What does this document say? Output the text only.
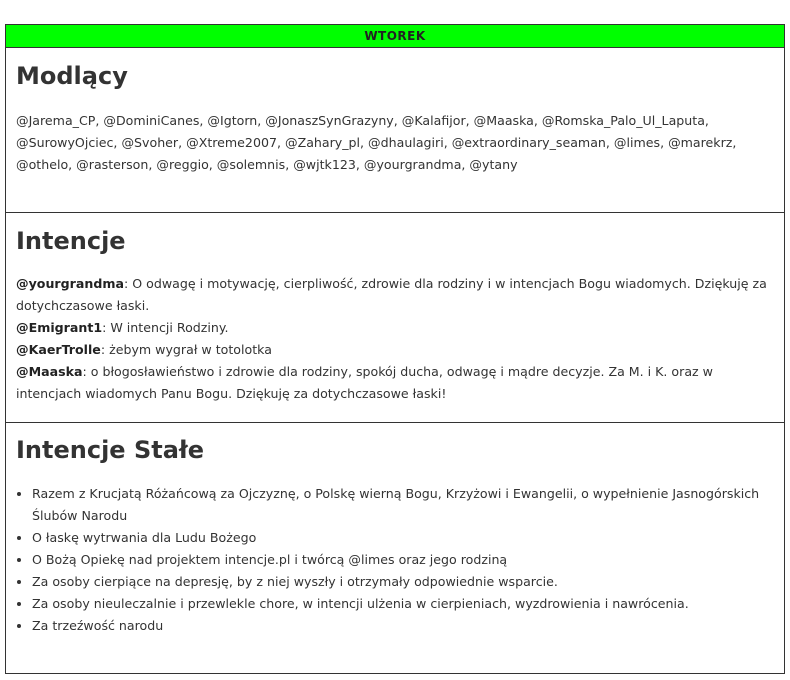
WTOREK
Modlący
@Jarema_CP, @DominiCanes, @Igtorn, @JonaszSynGrazyny, @Kalafijor, @Maaska, @Romska_Palo_Ul_Laputa, @SurowyOjciec, @Svoher, @Xtreme2007, @Zahary_pl, @dhaulagiri, @extraordinary_seaman, @limes, @marekrz, @othelo, @rasterson, @reggio, @solemnis, @wjtk123, @yourgrandma, @ytany
Intencje
@yourgrandma: O odwagę i motywację, cierpliwość, zdrowie dla rodziny i w intencjach Bogu wiadomych. Dziękuję za dotychczasowe łaski.
@Emigrant1: W intencji Rodziny.
@KaerTrolle: żebym wygrał w totolotka
@Maaska: o błogosławieństwo i zdrowie dla rodziny, spokój ducha, odwagę i mądre decyzje. Za M. i K. oraz w intencjach wiadomych Panu Bogu. Dziękuję za dotychczasowe łaski!
Intencje Stałe
• Razem z Krucjatą Różańcową za Ojczyznę, o Polskę wierną Bogu, Krzyżowi i Ewangelii, o wypełnienie Jasnogórskich Ślubów Narodu
• O łaskę wytrwania dla Ludu Bożego
• O Bożą Opiekę nad projektem intencje.pl i twórcą @limes oraz jego rodziną
• Za osoby cierpiące na depresję, by z niej wyszły i otrzymały odpowiednie wsparcie.
• Za osoby nieuleczalnie i przewlekle chore, w intencji ulżenia w cierpieniach, wyzdrowienia i nawrócenia.
• Za trzeźwość narodu
